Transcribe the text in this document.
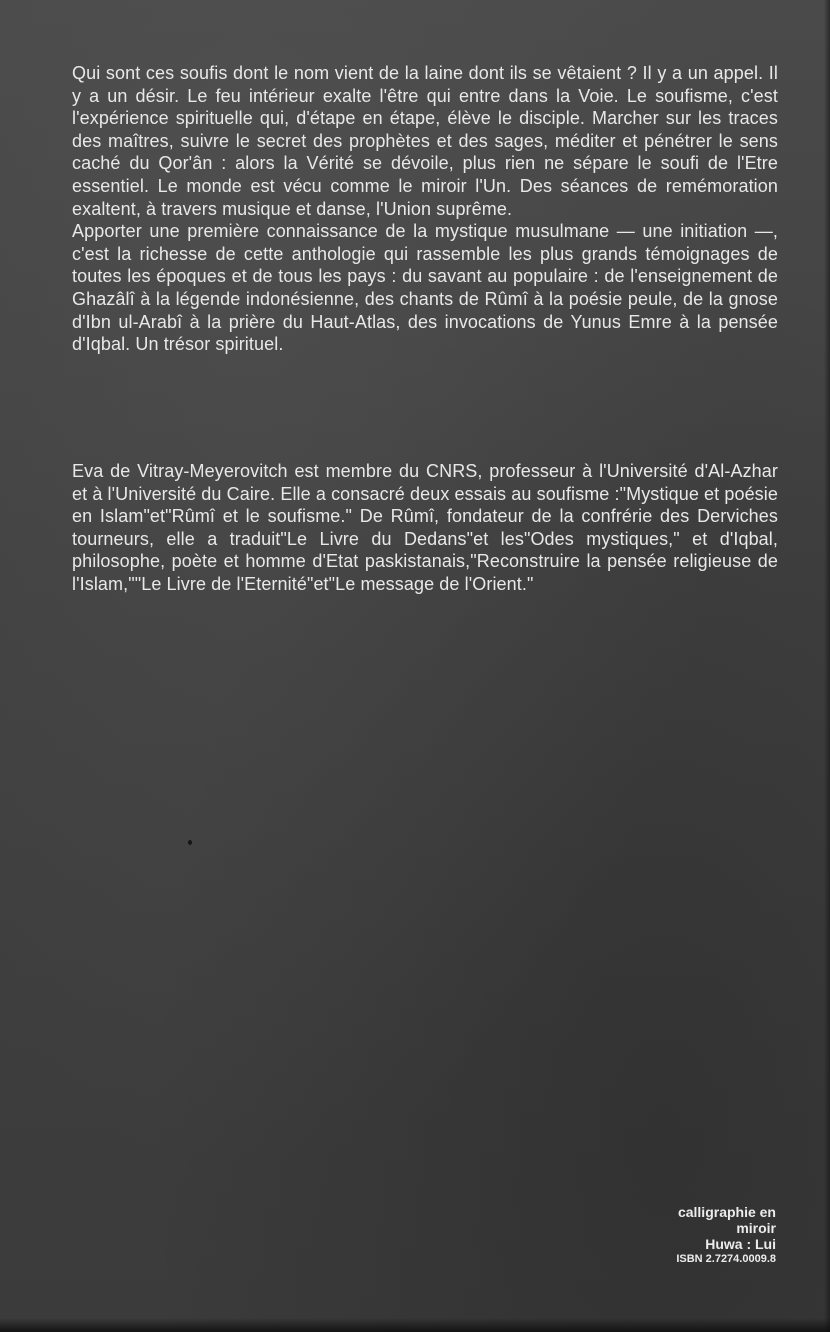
Qui sont ces soufis dont le nom vient de la laine dont ils se vêtaient ? Il y a un appel. Il y a un désir. Le feu intérieur exalte l'être qui entre dans la Voie. Le soufisme, c'est l'expérience spirituelle qui, d'étape en étape, élève le disciple. Marcher sur les traces des maîtres, suivre le secret des prophètes et des sages, méditer et pénétrer le sens caché du Qor'ân : alors la Vérité se dévoile, plus rien ne sépare le soufi de l'Etre essentiel. Le monde est vécu comme le miroir l'Un. Des séances de remémoration exaltent, à travers musique et danse, l'Union suprême.

Apporter une première connaissance de la mystique musulmane — une initiation —, c'est la richesse de cette anthologie qui rassemble les plus grands témoignages de toutes les époques et de tous les pays : du savant au populaire : de l'enseignement de Ghazâlî à la légende indonésienne, des chants de Rûmî à la poésie peule, de la gnose d'Ibn ul-Arabî à la prière du Haut-Atlas, des invocations de Yunus Emre à la pensée d'Iqbal. Un trésor spirituel.

Eva de Vitray-Meyerovitch est membre du CNRS, professeur à l'Université d'Al-Azhar et à l'Université du Caire. Elle a consacré deux essais au soufisme :"Mystique et poésie en Islam"et"Rûmî et le soufisme." De Rûmî, fondateur de la confrérie des Derviches tourneurs, elle a traduit"Le Livre du Dedans"et les"Odes mystiques," et d'Iqbal, philosophe, poète et homme d'Etat paskistanais,"Reconstruire la pensée religieuse de l'Islam,""Le Livre de l'Eternité"et"Le message de l'Orient."

calligraphie en
miroir
Huwa : Lui
ISBN 2.7274.0009.8
